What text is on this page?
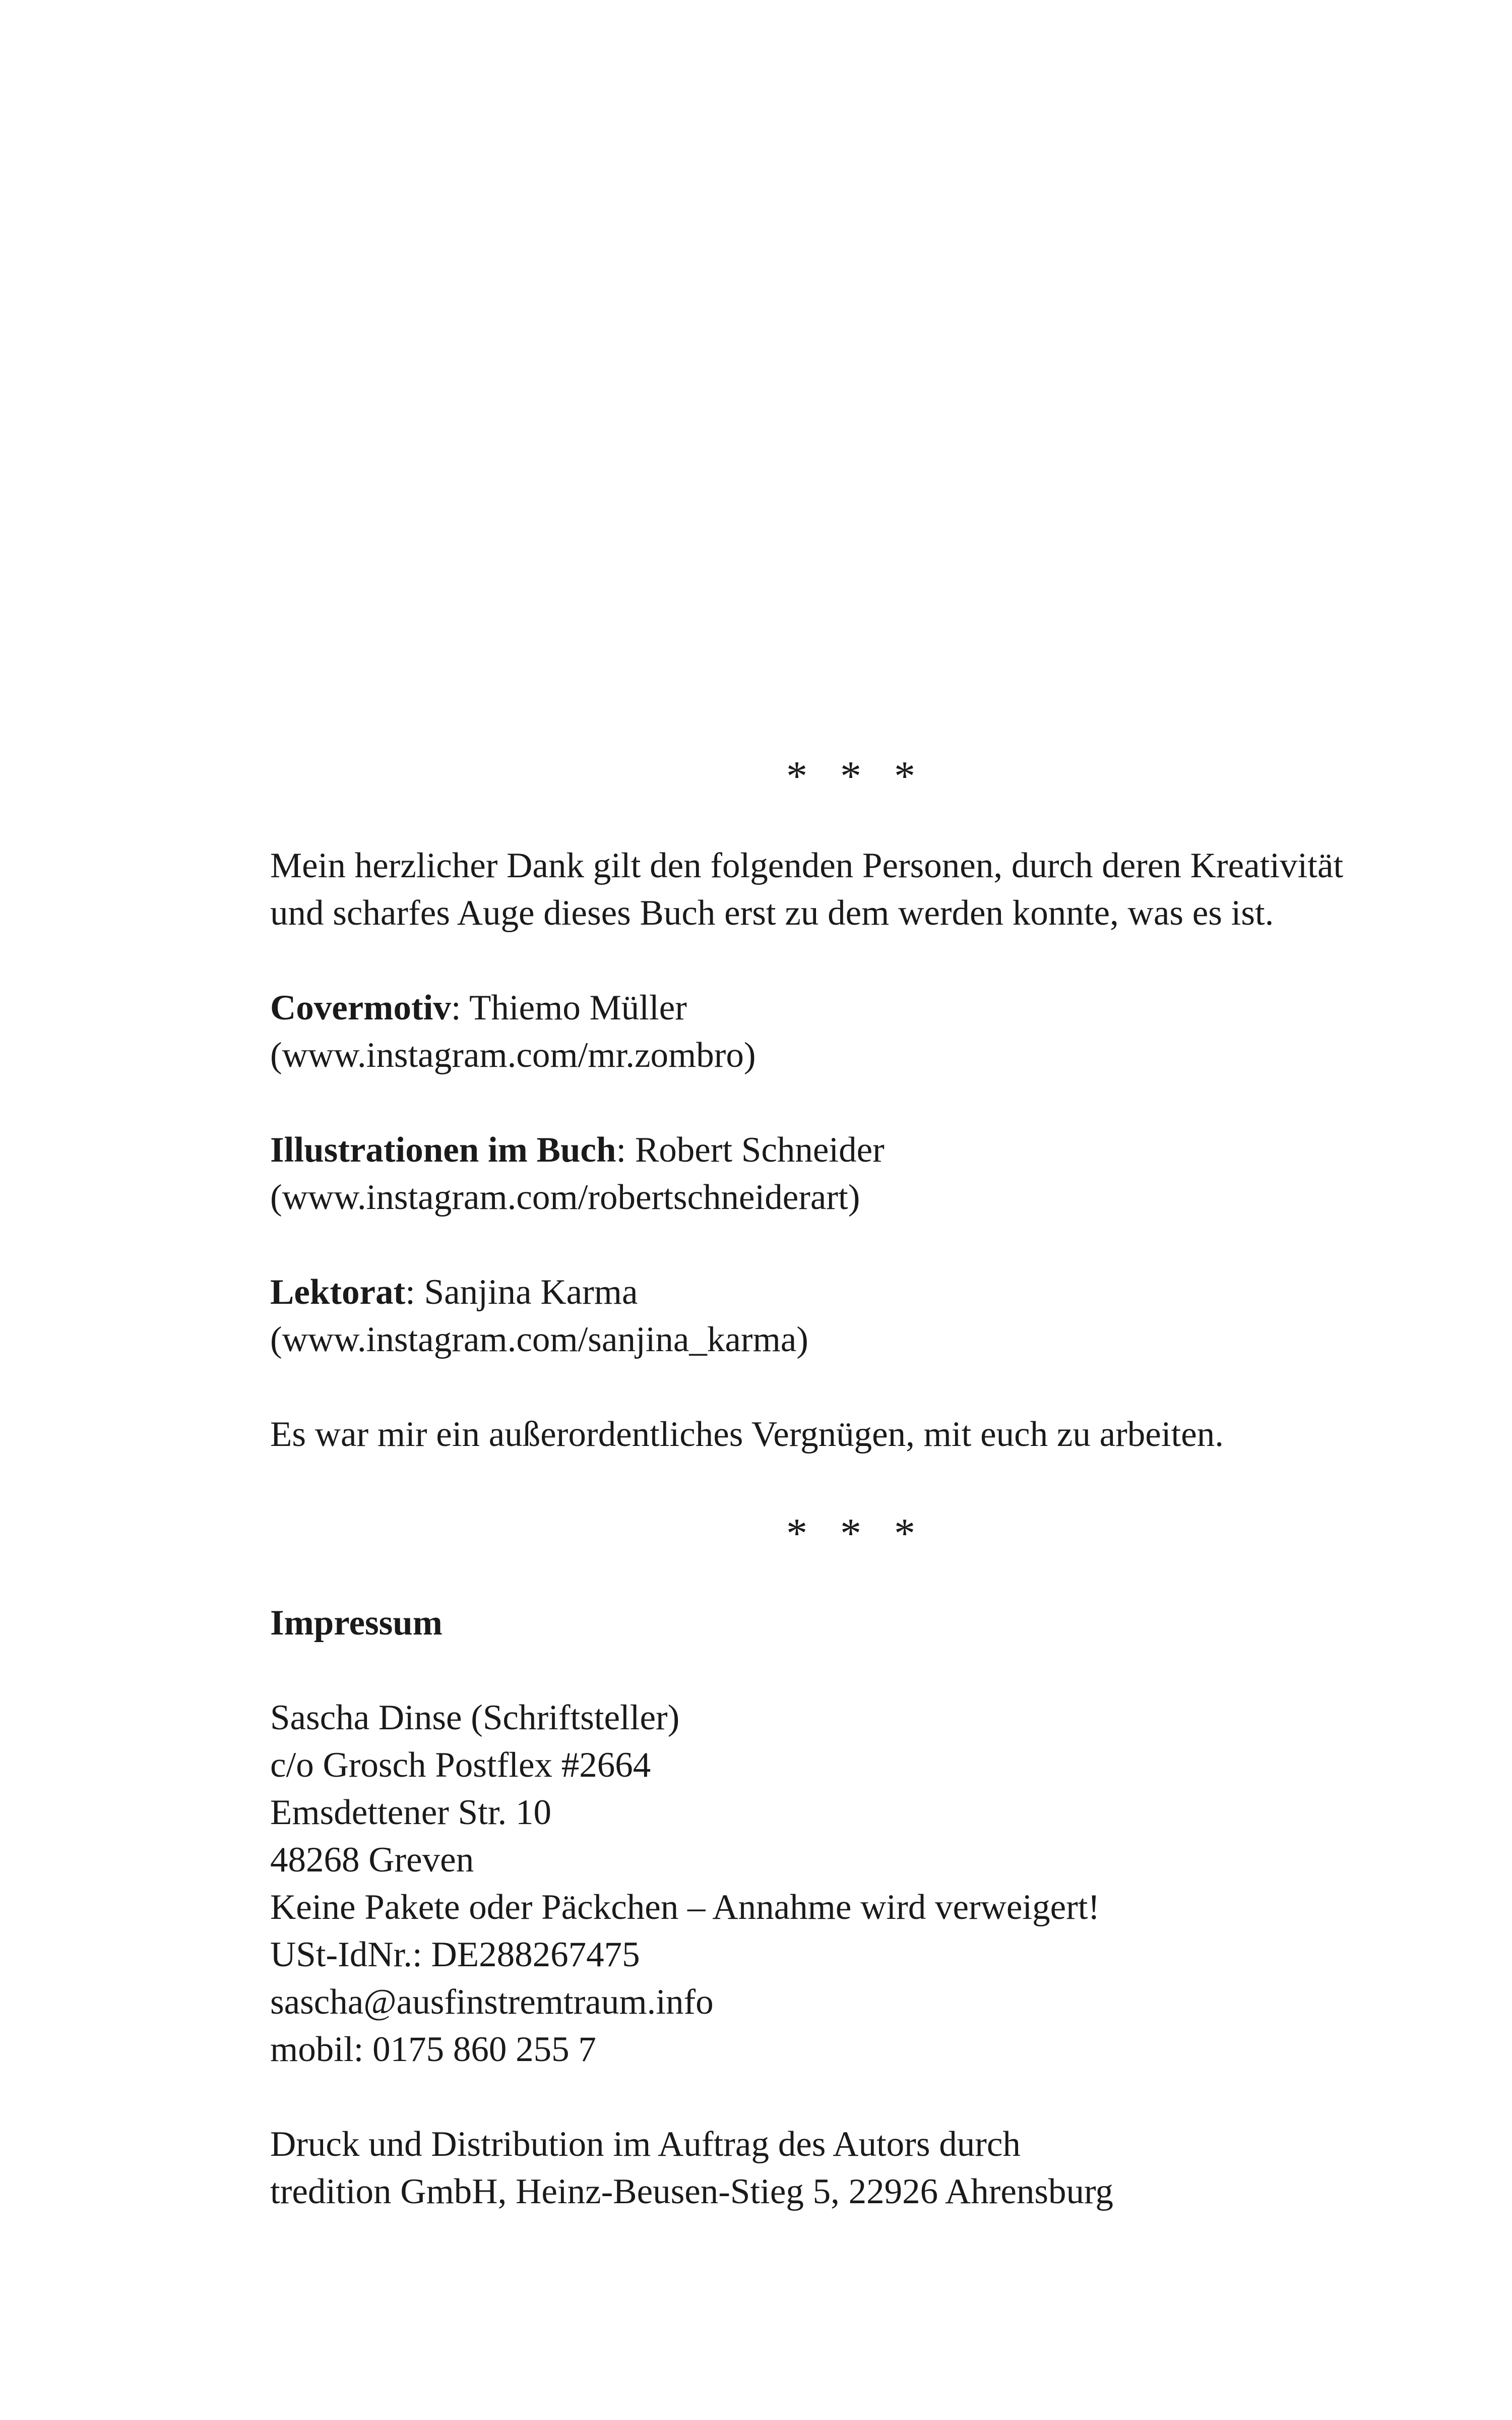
* * *
Mein herzlicher Dank gilt den folgenden Personen, durch deren Kreativität
und scharfes Auge dieses Buch erst zu dem werden konnte, was es ist.
Covermotiv: Thiemo Müller
(www.instagram.com/mr.zombro)
Illustrationen im Buch: Robert Schneider
(www.instagram.com/robertschneiderart)
Lektorat: Sanjina Karma
(www.instagram.com/sanjina_karma)
Es war mir ein außerordentliches Vergnügen, mit euch zu arbeiten.
* * *
Impressum
Sascha Dinse (Schriftsteller)
c/o Grosch Postflex #2664
Emsdettener Str. 10
48268 Greven
Keine Pakete oder Päckchen – Annahme wird verweigert!
USt-IdNr.: DE288267475
sascha@ausfinstremtraum.info
mobil: 0175 860 255 7
Druck und Distribution im Auftrag des Autors durch
tredition GmbH, Heinz-Beusen-Stieg 5, 22926 Ahrensburg
